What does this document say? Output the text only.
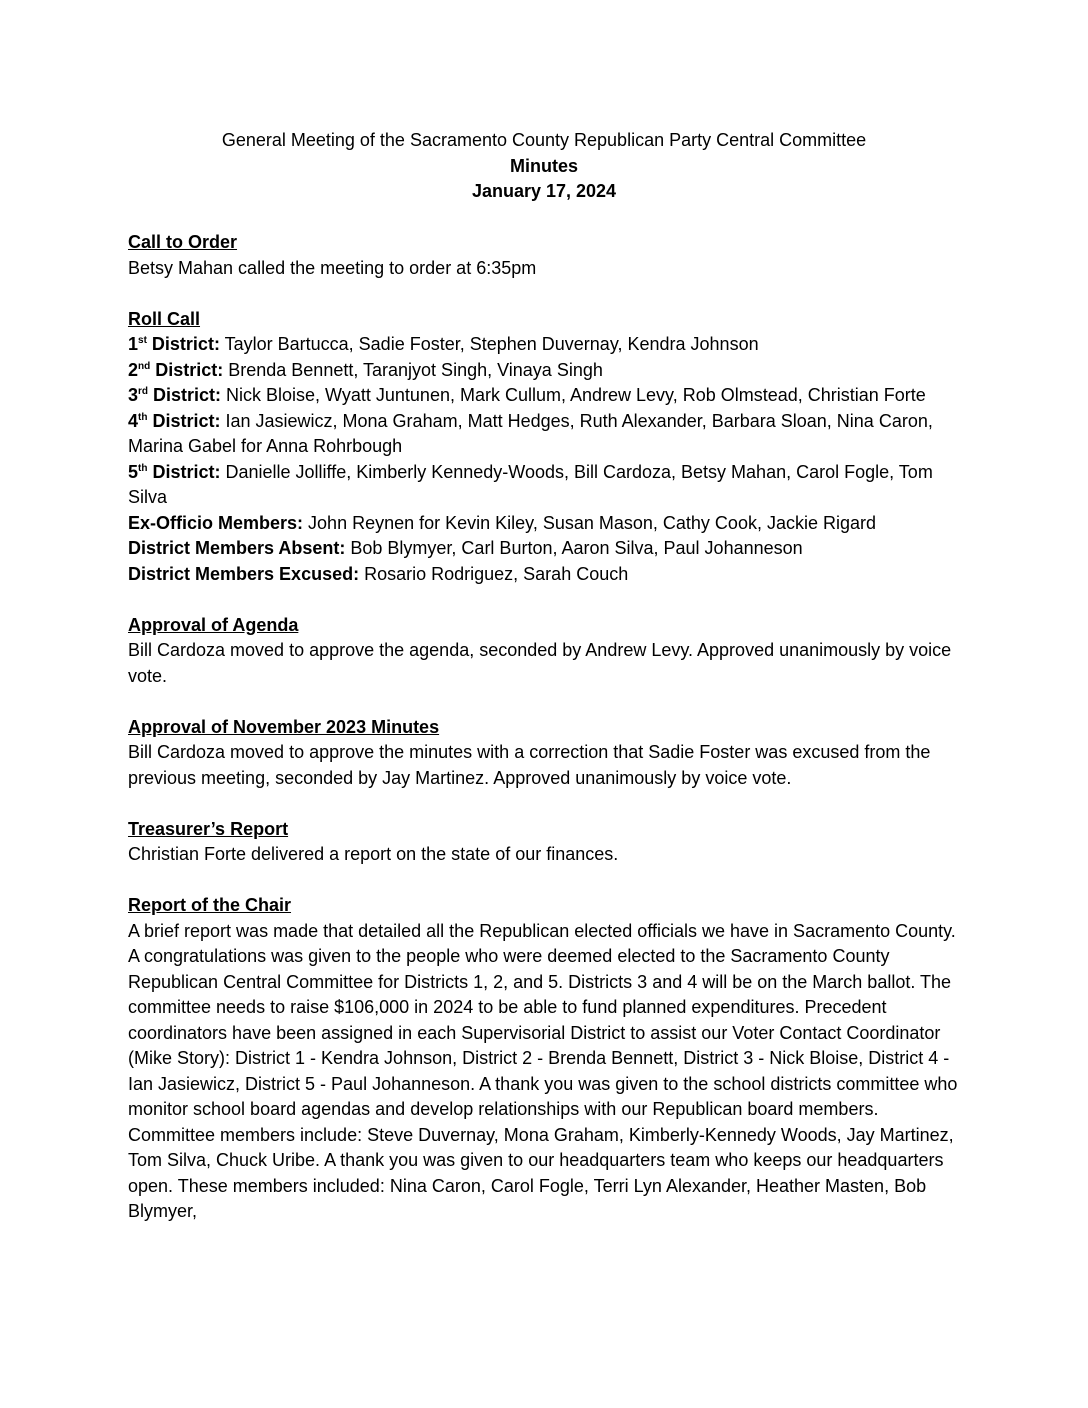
General Meeting of the Sacramento County Republican Party Central Committee
Minutes
January 17, 2024
Call to Order

Betsy Mahan called the meeting to order at 6:35pm

Roll Call

1st District: Taylor Bartucca, Sadie Foster, Stephen Duvernay, Kendra Johnson

2nd District: Brenda Bennett, Taranjyot Singh, Vinaya Singh

3rd District: Nick Bloise, Wyatt Juntunen, Mark Cullum, Andrew Levy, Rob Olmstead, Christian Forte

4th District: Ian Jasiewicz, Mona Graham, Matt Hedges, Ruth Alexander, Barbara Sloan, Nina Caron, Marina Gabel for Anna Rohrbough

5th District: Danielle Jolliffe, Kimberly Kennedy-Woods, Bill Cardoza, Betsy Mahan, Carol Fogle, Tom Silva

Ex-Officio Members: John Reynen for Kevin Kiley, Susan Mason, Cathy Cook, Jackie Rigard

District Members Absent: Bob Blymyer, Carl Burton, Aaron Silva, Paul Johanneson

District Members Excused: Rosario Rodriguez, Sarah Couch

Approval of Agenda

Bill Cardoza moved to approve the agenda, seconded by Andrew Levy. Approved unanimously by voice vote.

Approval of November 2023 Minutes

Bill Cardoza moved to approve the minutes with a correction that Sadie Foster was excused from the previous meeting, seconded by Jay Martinez. Approved unanimously by voice vote.

Treasurer’s Report

Christian Forte delivered a report on the state of our finances.

Report of the Chair

A brief report was made that detailed all the Republican elected officials we have in Sacramento County. A congratulations was given to the people who were deemed elected to the Sacramento County Republican Central Committee for Districts 1, 2, and 5. Districts 3 and 4 will be on the March ballot. The committee needs to raise $106,000 in 2024 to be able to fund planned expenditures. Precedent coordinators have been assigned in each Supervisorial District to assist our Voter Contact Coordinator (Mike Story): District 1 - Kendra Johnson, District 2 - Brenda Bennett, District 3 - Nick Bloise, District 4 - Ian Jasiewicz, District 5 - Paul Johanneson. A thank you was given to the school districts committee who monitor school board agendas and develop relationships with our Republican board members. Committee members include: Steve Duvernay, Mona Graham, Kimberly-Kennedy Woods, Jay Martinez, Tom Silva, Chuck Uribe. A thank you was given to our headquarters team who keeps our headquarters open. These members included: Nina Caron, Carol Fogle, Terri Lyn Alexander, Heather Masten, Bob Blymyer,
